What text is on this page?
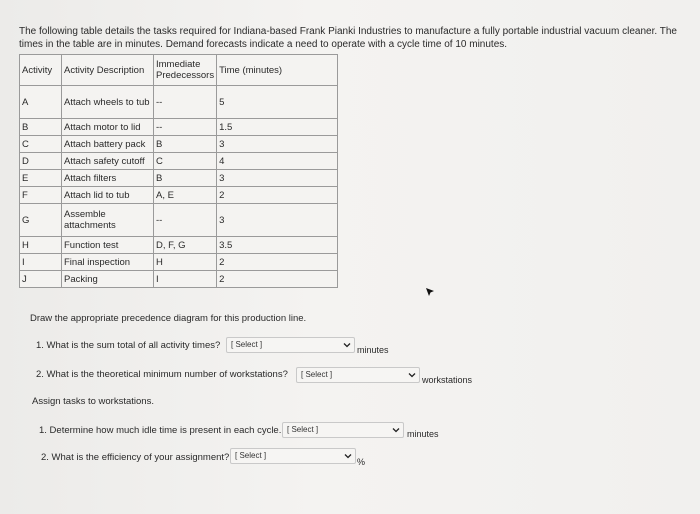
The following table details the tasks required for Indiana-based Frank Pianki Industries to manufacture a fully portable industrial vacuum cleaner. The times in the table are in minutes. Demand forecasts indicate a need to operate with a cycle time of 10 minutes.
Activity	Activity Description	Immediate Predecessors	Time (minutes)
A	Attach wheels to tub	--	5
B	Attach motor to lid	--	1.5
C	Attach battery pack	B	3
D	Attach safety cutoff	C	4
E	Attach filters	B	3
F	Attach lid to tub	A, E	2
G	Assemble attachments	--	3
H	Function test	D, F, G	3.5
I	Final inspection	H	2
J	Packing	I	2
Draw the appropriate precedence diagram for this production line.
1. What is the sum total of all activity times? [ Select ]
minutes
2. What is the theoretical minimum number of workstations? [ Select ]
workstations
Assign tasks to workstations.
1. Determine how much idle time is present in each cycle. [ Select ]	minutes
2. What is the efficiency of your assignment? [ Select ]
%
